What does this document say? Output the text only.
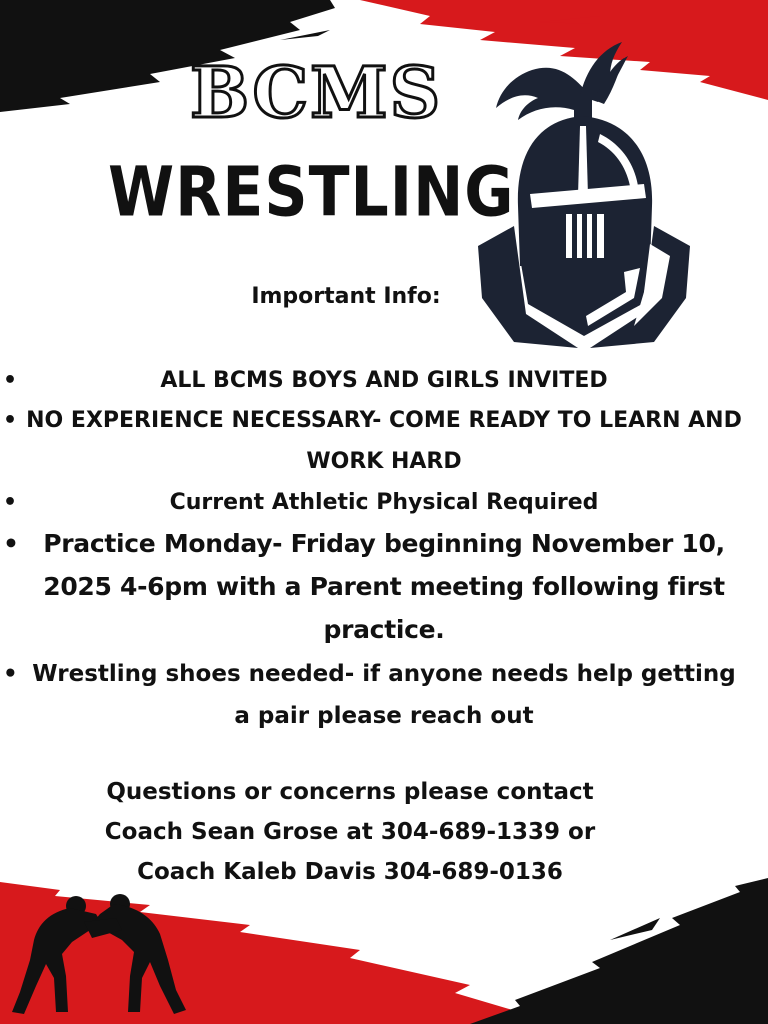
BCMS
WRESTLING
Important Info:
•	ALL BCMS BOYS AND GIRLS INVITED
• NO EXPERIENCE NECESSARY- COME READY TO LEARN AND WORK HARD
•	Current Athletic Physical Required
• Practice Monday- Friday beginning November 10, 2025 4-6pm with a Parent meeting following first practice.
• Wrestling shoes needed- if anyone needs help getting a pair please reach out
Questions or concerns please contact
Coach Sean Grose at 304-689-1339 or
Coach Kaleb Davis 304-689-0136
